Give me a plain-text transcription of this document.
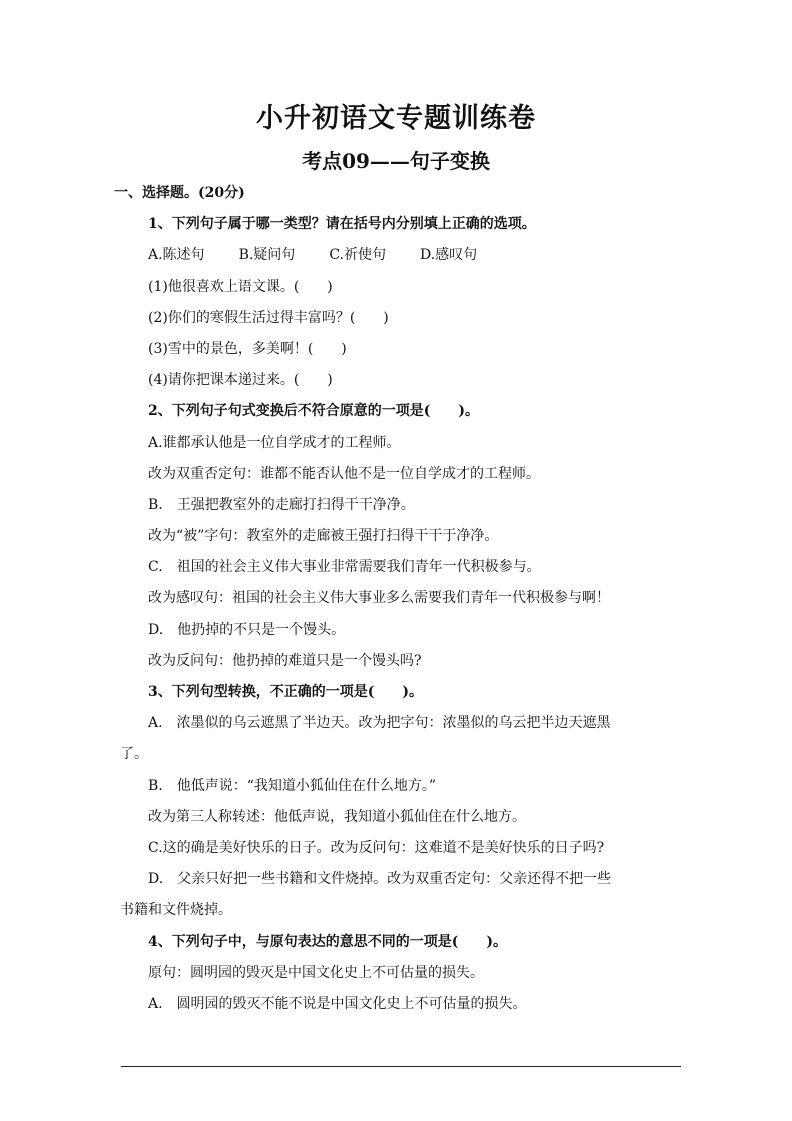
小升初语文专题训练卷
考点09——句子变换
一、选择题。(20分)
1、下列句子属于哪一类型？请在括号内分别填上正确的选项。
A.陈述句 B.疑问句 C.祈使句 D.感叹句
(1)他很喜欢上语文课。(　　)
(2)你们的寒假生活过得丰富吗？(　　)
(3)雪中的景色，多美啊！(　　)
(4)请你把课本递过来。(　　)
2、下列句子句式变换后不符合原意的一项是(　　)。
A.谁都承认他是一位自学成才的工程师。
改为双重否定句：谁都不能否认他不是一位自学成才的工程师。
B.　王强把教室外的走廊打扫得干干净净。
改为“被”字句：教室外的走廊被王强打扫得干干于净净。
C.　祖国的社会主义伟大事业非常需要我们青年一代积极参与。
改为感叹句：祖国的社会主义伟大事业多么需要我们青年一代积极参与啊！
D.　他扔掉的不只是一个馒头。
改为反问句：他扔掉的难道只是一个馒头吗?
3、下列句型转换，不正确的一项是(　　)。
A.　浓墨似的乌云遮黑了半边天。改为把字句：浓墨似的乌云把半边天遮黑
了。
B.　他低声说：“我知道小狐仙住在什么地方。”
改为第三人称转述：他低声说，我知道小狐仙住在什么地方。
C.这的确是美好快乐的日子。改为反问句：这难道不是美好快乐的日子吗?
D.　父亲只好把一些书籍和文件烧掉。改为双重否定句：父亲还得不把一些
书籍和文件烧掉。
4、下列句子中，与原句表达的意思不同的一项是(　　)。
原句：圆明园的毁灭是中国文化史上不可估量的损失。
A.　圆明园的毁灭不能不说是中国文化史上不可估量的损失。
